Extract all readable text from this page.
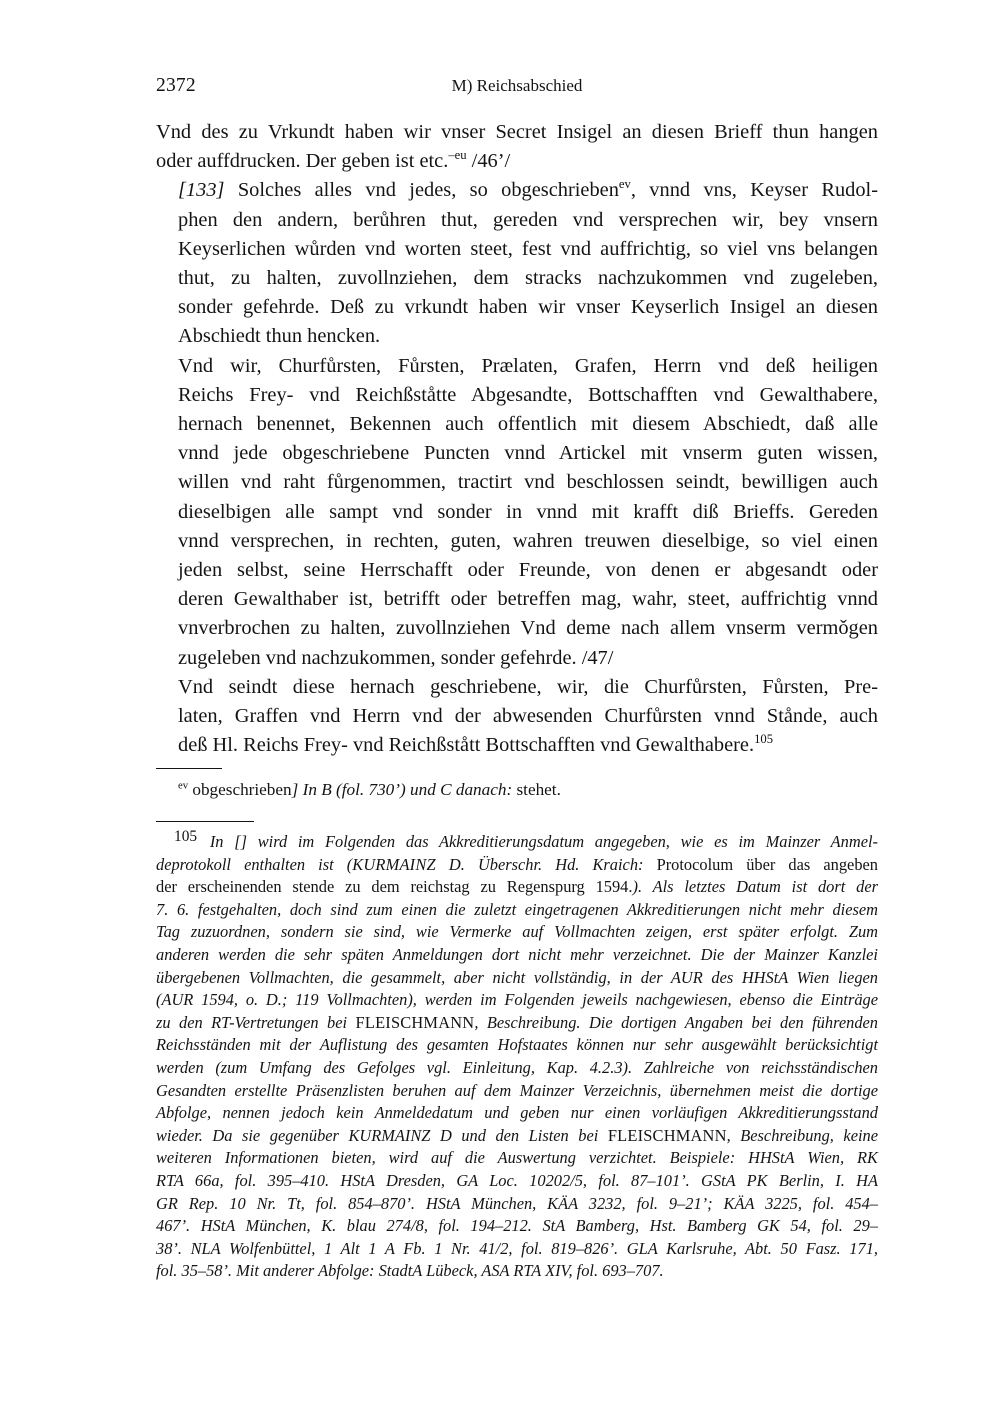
2372	M) Reichsabschied

Vnd des zu Vrkundt haben wir vnser Secret Insigel an diesen Brieff thun hangen
oder auffdrucken. Der geben ist etc.$^{-eu}$ /46’/

[133] Solches alles vnd jedes, so obgeschrieben$^{ev}$, vnnd vns, Keyser Rudol-
phen den andern, berůhren thut, gereden vnd versprechen wir, bey vnsern
Keyserlichen wůrden vnd worten steet, fest vnd auffrichtig, so viel vns belangen
thut, zu halten, zuvollnziehen, dem stracks nachzukommen vnd zugeleben,
sonder gefehrde. Deß zu vrkundt haben wir vnser Keyserlich Insigel an diesen
Abschiedt thun hencken.

Vnd wir, Churfůrsten, Fůrsten, Prælaten, Grafen, Herrn vnd deß heiligen
Reichs Frey- vnd Reichßståtte Abgesandte, Bottschafften vnd Gewalthabere,
hernach benennet, Bekennen auch offentlich mit diesem Abschiedt, daß alle
vnnd jede obgeschriebene Puncten vnnd Artickel mit vnserm guten wissen,
willen vnd raht fůrgenommen, tractirt vnd beschlossen seindt, bewilligen auch
dieselbigen alle sampt vnd sonder in vnnd mit krafft diß Brieffs. Gereden
vnnd versprechen, in rechten, guten, wahren treuwen dieselbige, so viel einen
jeden selbst, seine Herrschafft oder Freunde, von denen er abgesandt oder
deren Gewalthaber ist, betrifft oder betreffen mag, wahr, steet, auffrichtig vnnd
vnverbrochen zu halten, zuvollnziehen Vnd deme nach allem vnserm vermǒgen
zugeleben vnd nachzukommen, sonder gefehrde. /47/

Vnd seindt diese hernach geschriebene, wir, die Churfůrsten, Fůrsten, Pre-
laten, Graffen vnd Herrn vnd der abwesenden Churfůrsten vnnd Stånde, auch
deß Hl. Reichs Frey- vnd Reichßstått Bottschafften vnd Gewalthabere.$^{105}$

$^{ev}$ obgeschrieben] In B (fol. 730’) und C danach: stehet.

105 In [] wird im Folgenden das Akkreditierungsdatum angegeben, wie es im Mainzer Anmel-
deprotokoll enthalten ist (KURMAINZ D. Überschr. Hd. Kraich: Protocolum über das angeben
der erscheinenden stende zu dem reichstag zu Regenspurg 1594.). Als letztes Datum ist dort der
7. 6. festgehalten, doch sind zum einen die zuletzt eingetragenen Akkreditierungen nicht mehr diesem
Tag zuzuordnen, sondern sie sind, wie Vermerke auf Vollmachten zeigen, erst später erfolgt. Zum
anderen werden die sehr späten Anmeldungen dort nicht mehr verzeichnet. Die der Mainzer Kanzlei
übergebenen Vollmachten, die gesammelt, aber nicht vollständig, in der AUR des HHStA Wien liegen
(AUR 1594, o. D.; 119 Vollmachten), werden im Folgenden jeweils nachgewiesen, ebenso die Einträge
zu den RT-Vertretungen bei FLEISCHMANN, Beschreibung. Die dortigen Angaben bei den führenden
Reichsständen mit der Auflistung des gesamten Hofstaates können nur sehr ausgewählt berücksichtigt
werden (zum Umfang des Gefolges vgl. Einleitung, Kap. 4.2.3). Zahlreiche von reichsständischen
Gesandten erstellte Präsenzlisten beruhen auf dem Mainzer Verzeichnis, übernehmen meist die dortige
Abfolge, nennen jedoch kein Anmeldedatum und geben nur einen vorläufigen Akkreditierungsstand
wieder. Da sie gegenüber KURMAINZ D und den Listen bei FLEISCHMANN, Beschreibung, keine
weiteren Informationen bieten, wird auf die Auswertung verzichtet. Beispiele: HHStA Wien, RK
RTA 66a, fol. 395–410. HStA Dresden, GA Loc. 10202/5, fol. 87–101’. GStA PK Berlin, I. HA
GR Rep. 10 Nr. Tt, fol. 854–870’. HStA München, KÄA 3232, fol. 9–21’; KÄA 3225, fol. 454–
467’. HStA München, K. blau 274/8, fol. 194–212. StA Bamberg, Hst. Bamberg GK 54, fol. 29–
38’. NLA Wolfenbüttel, 1 Alt 1 A Fb. 1 Nr. 41/2, fol. 819–826’. GLA Karlsruhe, Abt. 50 Fasz. 171,
fol. 35–58’. Mit anderer Abfolge: StadtA Lübeck, ASA RTA XIV, fol. 693–707.
